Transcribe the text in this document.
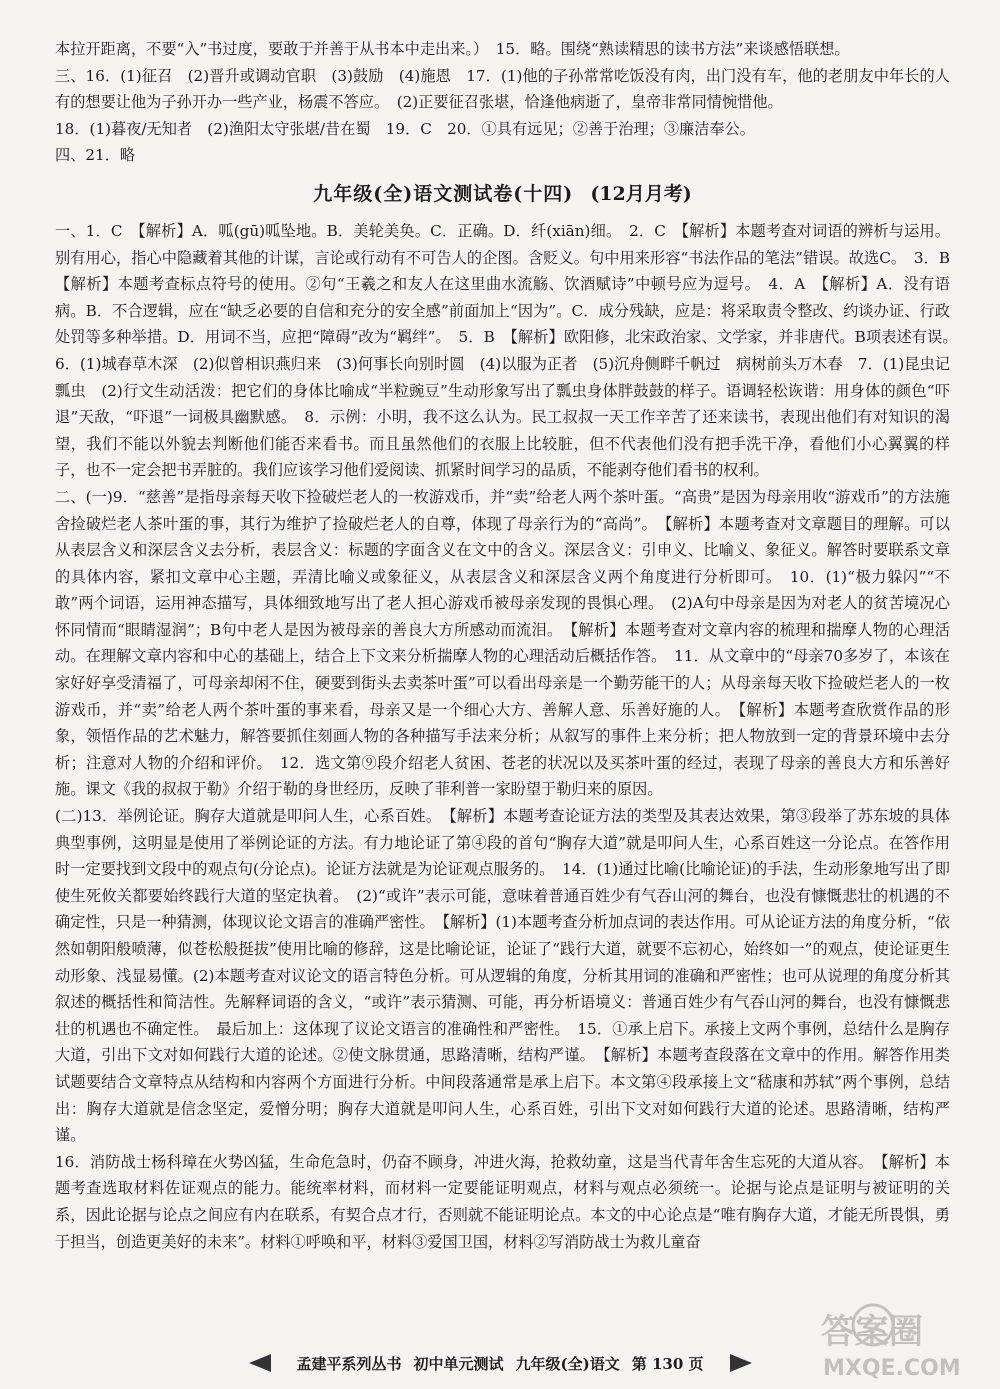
本拉开距离，不要“入”书过度，要敢于并善于从书本中走出来。）　15．略。围绕“熟读精思的读书方法”来谈感悟联想。

三、16．(1)征召　(2)晋升或调动官职　(3)鼓励　(4)施恩　17．(1)他的子孙常常吃饭没有肉，出门没有车，他的老朋友中年长的人有的想要让他为子孙开办一些产业，杨震不答应。　(2)正要征召张堪，恰逢他病逝了，皇帝非常同情惋惜他。

18．(1)暮夜/无知者　(2)渔阳太守张堪/昔在蜀　19．C　20．①具有远见；②善于治理；③廉洁奉公。

四、21．略

九年级(全)语文测试卷(十四) (12月月考)

一、1．C　【解析】A．呱(gū)呱坠地。B．美轮美奂。C．正确。D．纤(xiān)细。　2．C　【解析】本题考查对词语的辨析与运用。别有用心，指心中隐藏着其他的计谋，言论或行动有不可告人的企图。含贬义。句中用来形容“书法作品的笔法”错误。故选C。　3．B　【解析】本题考查标点符号的使用。②句“王羲之和友人在这里曲水流觞、饮酒赋诗”中顿号应为逗号。　4．A　【解析】A．没有语病。B．不合逻辑，应在“缺乏必要的自信和充分的安全感”前面加上“因为”。C．成分残缺，应是：将采取责令整改、约谈办证、行政处罚等多种举措。D．用词不当，应把“障碍”改为“羁绊”。　5．B　【解析】欧阳修，北宋政治家、文学家，并非唐代。B项表述有误。　6．(1)城春草木深　(2)似曾相识燕归来　(3)何事长向别时圆　(4)以服为正者　(5)沉舟侧畔千帆过　病树前头万木春　7．(1)昆虫记　瓢虫　(2)行文生动活泼：把它们的身体比喻成“半粒豌豆”生动形象写出了瓢虫身体胖鼓鼓的样子。语调轻松诙谐：用身体的颜色“吓退”天敌，“吓退”一词极具幽默感。　8．示例：小明，我不这么认为。民工叔叔一天工作辛苦了还来读书，表现出他们有对知识的渴望，我们不能以外貌去判断他们能否来看书。而且虽然他们的衣服上比较脏，但不代表他们没有把手洗干净，看他们小心翼翼的样子，也不一定会把书弄脏的。我们应该学习他们爱阅读、抓紧时间学习的品质，不能剥夺他们看书的权利。

二、(一)9．“慈善”是指母亲每天收下捡破烂老人的一枚游戏币，并“卖”给老人两个茶叶蛋。“高贵”是因为母亲用收“游戏币”的方法施舍捡破烂老人茶叶蛋的事，其行为维护了捡破烂老人的自尊，体现了母亲行为的“高尚”。　【解析】本题考查对文章题目的理解。可以从表层含义和深层含义去分析，表层含义：标题的字面含义在文中的含义。深层含义：引申义、比喻义、象征义。解答时要联系文章的具体内容，紧扣文章中心主题，弄清比喻义或象征义，从表层含义和深层含义两个角度进行分析即可。　10．(1)“极力躲闪”“不敢”两个词语，运用神态描写，具体细致地写出了老人担心游戏币被母亲发现的畏惧心理。　(2)A句中母亲是因为对老人的贫苦境况心怀同情而“眼睛湿润”；B句中老人是因为被母亲的善良大方所感动而流泪。　【解析】本题考查对文章内容的梳理和揣摩人物的心理活动。在理解文章内容和中心的基础上，结合上下文来分析揣摩人物的心理活动后概括作答。　11．从文章中的“母亲70多岁了，本该在家好好享受清福了，可母亲却闲不住，硬要到街头去卖茶叶蛋”可以看出母亲是一个勤劳能干的人；从母亲每天收下捡破烂老人的一枚游戏币，并“卖”给老人两个茶叶蛋的事来看，母亲又是一个细心大方、善解人意、乐善好施的人。　【解析】本题考查欣赏作品的形象，领悟作品的艺术魅力，解答要抓住刻画人物的各种描写手法来分析；从叙写的事件上来分析；把人物放到一定的背景环境中去分析；注意对人物的介绍和评价。　12．选文第⑨段介绍老人贫困、苍老的状况以及买茶叶蛋的经过，表现了母亲的善良大方和乐善好施。课文《我的叔叔于勒》介绍于勒的身世经历，反映了菲利普一家盼望于勒归来的原因。

(二)13．举例论证。胸存大道就是叩问人生，心系百姓。　【解析】本题考查论证方法的类型及其表达效果，第③段举了苏东坡的具体典型事例，这明显是使用了举例论证的方法。有力地论证了第④段的首句“胸存大道”就是叩问人生，心系百姓这一分论点。在答作用时一定要找到文段中的观点句(分论点)。论证方法就是为论证观点服务的。　14．(1)通过比喻(比喻论证)的手法，生动形象地写出了即使生死攸关都要始终践行大道的坚定执着。　(2)“或许”表示可能，意味着普通百姓少有气吞山河的舞台，也没有慷慨悲壮的机遇的不确定性，只是一种猜测，体现议论文语言的准确严密性。　【解析】(1)本题考查分析加点词的表达作用。可从论证方法的角度分析，“依然如朝阳般喷薄，似苍松般挺拔”使用比喻的修辞，这是比喻论证，论证了“践行大道，就要不忘初心，始终如一”的观点，使论证更生动形象、浅显易懂。(2)本题考查对议论文的语言特色分析。可从逻辑的角度，分析其用词的准确和严密性；也可从说理的角度分析其叙述的概括性和简洁性。先解释词语的含义，“或许”表示猜测、可能，再分析语境义：普通百姓少有气吞山河的舞台，也没有慷慨悲壮的机遇也不确定性。　最后加上：这体现了议论文语言的准确性和严密性。　15．①承上启下。承接上文两个事例，总结什么是胸存大道，引出下文对如何践行大道的论述。②使文脉贯通，思路清晰，结构严谨。　【解析】本题考查段落在文章中的作用。解答作用类试题要结合文章特点从结构和内容两个方面进行分析。中间段落通常是承上启下。本文第④段承接上文“嵇康和苏轼”两个事例，总结出：胸存大道就是信念坚定，爱憎分明；胸存大道就是叩问人生，心系百姓，引出下文对如何践行大道的论述。思路清晰，结构严谨。

16．消防战士杨科璋在火势凶猛，生命危急时，仍奋不顾身，冲进火海，抢救幼童，这是当代青年舍生忘死的大道从容。　【解析】本题考查选取材料佐证观点的能力。能统率材料，而材料一定要能证明观点，材料与观点必须统一。论据与论点是证明与被证明的关系，因此论据与论点之间应有内在联系，有契合点才行，否则就不能证明论点。本文的中心论点是“唯有胸存大道，才能无所畏惧，勇于担当，创造更美好的未来”。材料①呼唤和平，材料③爱国卫国，材料②写消防战士为救儿童奋

孟建平系列丛书 初中单元测试 九年级(全)语文 第 130 页
答案圈
MXQE.COM
